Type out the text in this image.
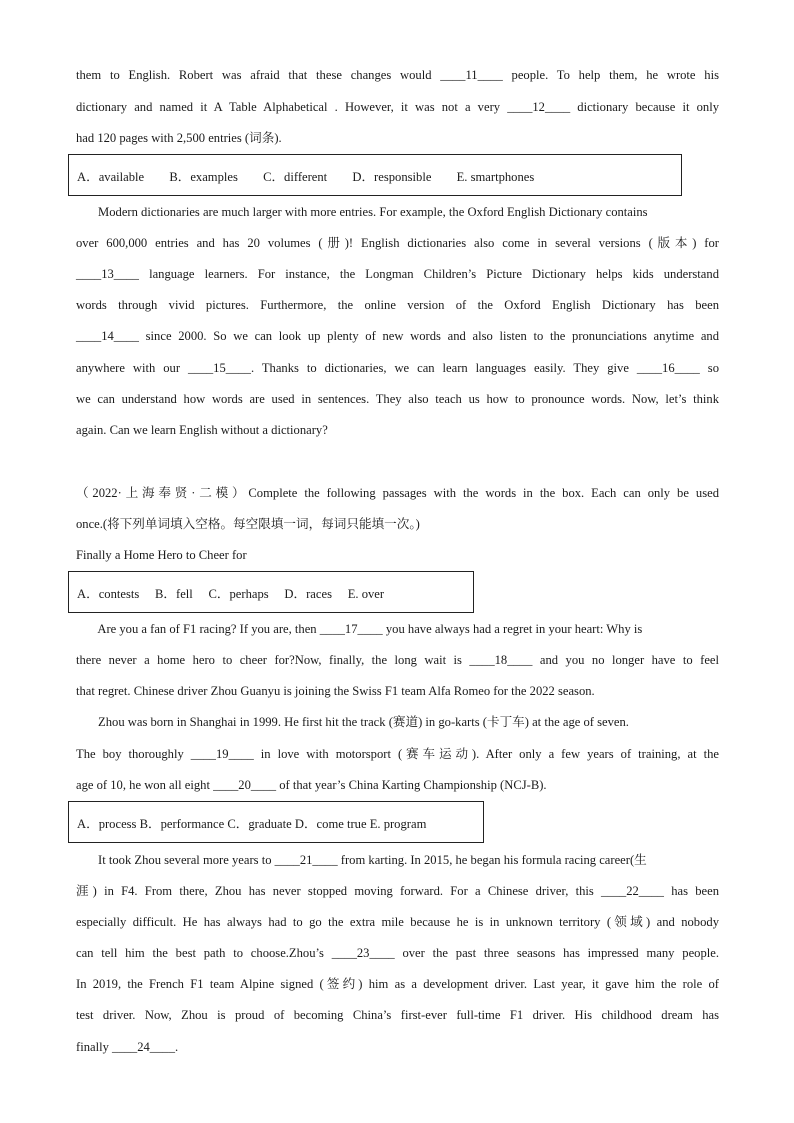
them to English. Robert was afraid that these changes would ____11____ people. To help them, he wrote his
dictionary and named it A Table Alphabetical . However, it was not a very ____12____ dictionary because it only
had 120 pages with 2,500 entries (词条).
A．available        B．examples        C．different        D．responsible        E. smartphones
Modern dictionaries are much larger with more entries. For example, the Oxford English Dictionary contains
over 600,000 entries and has 20 volumes (册)! English dictionaries also come in several versions (版本) for
____13____ language learners. For instance, the Longman Children’s Picture Dictionary helps kids understand
words through vivid pictures. Furthermore, the online version of the Oxford English Dictionary has been
____14____ since 2000. So we can look up plenty of new words and also listen to the pronunciations anytime and
anywhere with our ____15____. Thanks to dictionaries, we can learn languages easily. They give ____16____ so
we can understand how words are used in sentences. They also teach us how to pronounce words. Now, let’s think
again. Can we learn English without a dictionary?
（2022·上海奉贤·二模）Complete the following passages with the words in the box. Each can only be used
once.(将下列单词填入空格。每空限填一词，每词只能填一次。)
Finally a Home Hero to Cheer for
A．contests     B．fell     C．perhaps     D．races     E. over
Are you a fan of F1 racing? If you are, then ____17____ you have always had a regret in your heart: Why is
there never a home hero to cheer for?Now, finally, the long wait is ____18____ and you no longer have to feel
that regret. Chinese driver Zhou Guanyu is joining the Swiss F1 team Alfa Romeo for the 2022 season.
Zhou was born in Shanghai in 1999. He first hit the track (赛道) in go-karts (卡丁车) at the age of seven.
The boy thoroughly ____19____ in love with motorsport (赛车运动). After only a few years of training, at the
age of 10, he won all eight ____20____ of that year’s China Karting Championship (NCJ-B).
A．process B．performance C．graduate D．come true E. program
It took Zhou several more years to ____21____ from karting. In 2015, he began his formula racing career(生
涯) in F4. From there, Zhou has never stopped moving forward. For a Chinese driver, this ____22____ has been
especially difficult. He has always had to go the extra mile because he is in unknown territory (领域) and nobody
can tell him the best path to choose.Zhou’s ____23____ over the past three seasons has impressed many people.
In 2019, the French F1 team Alpine signed (签约) him as a development driver. Last year, it gave him the role of
test driver. Now, Zhou is proud of becoming China’s first-ever full-time F1 driver. His childhood dream has
finally ____24____.
